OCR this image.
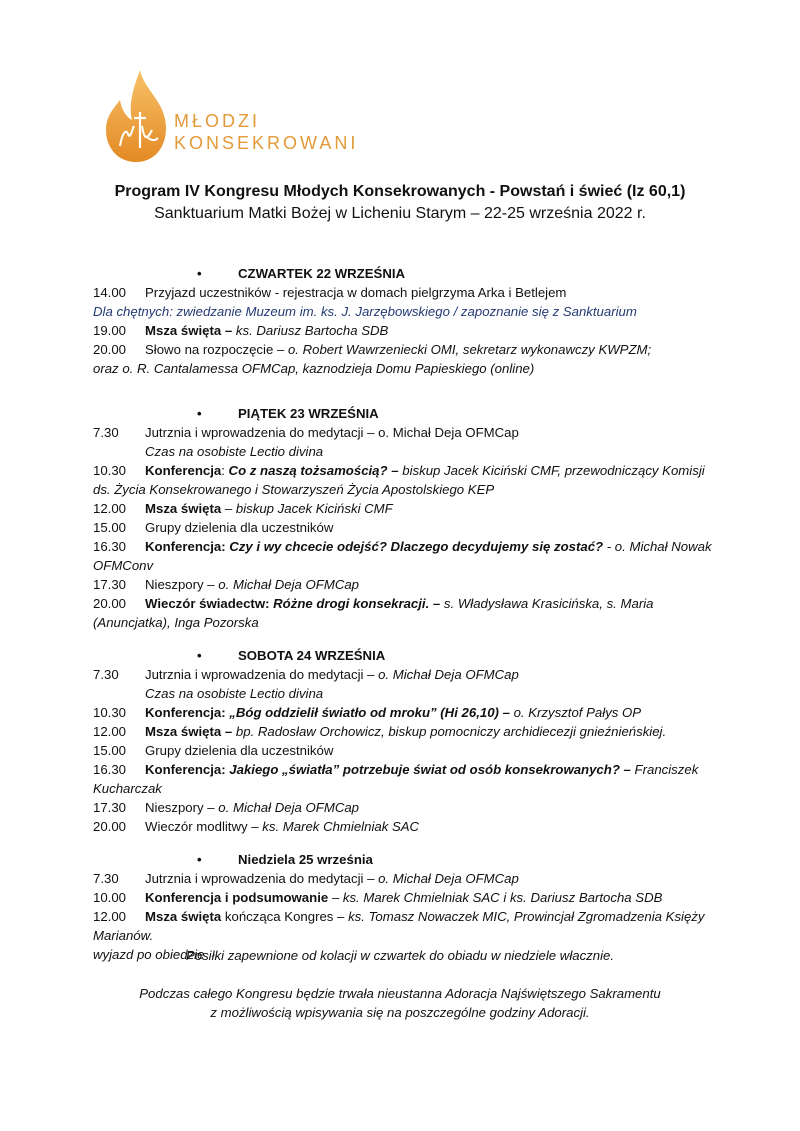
MŁODZI
KONSEKROWANI
Program IV Kongresu Młodych Konsekrowanych - Powstań i świeć (Iz 60,1)
Sanktuarium Matki Bożej w Licheniu Starym – 22-25 września 2022 r.
• CZWARTEK 22 WRZEŚNIA
14.00	Przyjazd uczestników - rejestracja w domach pielgrzyma Arka i Betlejem
Dla chętnych: zwiedzanie Muzeum im. ks. J. Jarzębowskiego / zapoznanie się z Sanktuarium
19.00	Msza święta – ks. Dariusz Bartocha SDB
20.00	Słowo na rozpoczęcie – o. Robert Wawrzeniecki OMI, sekretarz wykonawczy KWPZM;
oraz o. R. Cantalamessa OFMCap, kaznodzieja Domu Papieskiego (online)
• PIĄTEK 23 WRZEŚNIA
7.30	Jutrznia i wprowadzenia do medytacji – o. Michał Deja OFMCap
Czas na osobiste Lectio divina
10.30	Konferencja: Co z naszą tożsamością? – biskup Jacek Kiciński CMF, przewodniczący Komisji
ds. Życia Konsekrowanego i Stowarzyszeń Życia Apostolskiego KEP
12.00	Msza święta – biskup Jacek Kiciński CMF
15.00	Grupy dzielenia dla uczestników
16.30	Konferencja: Czy i wy chcecie odejść? Dlaczego decydujemy się zostać? - o. Michał Nowak
OFMConv
17.30	Nieszpory – o. Michał Deja OFMCap
20.00	Wieczór świadectw: Różne drogi konsekracji. – s. Władysława Krasicińska, s. Maria
(Anuncjatka), Inga Pozorska
• SOBOTA 24 WRZEŚNIA
7.30	Jutrznia i wprowadzenia do medytacji – o. Michał Deja OFMCap
Czas na osobiste Lectio divina
10.30	Konferencja: „Bóg oddzielił światło od mroku” (Hi 26,10) – o. Krzysztof Pałys OP
12.00	Msza święta – bp. Radosław Orchowicz, biskup pomocniczy archidiecezji gnieźnieńskiej.
15.00	Grupy dzielenia dla uczestników
16.30	Konferencja: Jakiego „światła” potrzebuje świat od osób konsekrowanych? – Franciszek
Kucharczak
17.30	Nieszpory – o. Michał Deja OFMCap
20.00	Wieczór modlitwy – ks. Marek Chmielniak SAC
• Niedziela 25 września
7.30	Jutrznia i wprowadzenia do medytacji – o. Michał Deja OFMCap
10.00	Konferencja i podsumowanie – ks. Marek Chmielniak SAC i ks. Dariusz Bartocha SDB
12.00	Msza święta kończąca Kongres – ks. Tomasz Nowaczek MIC, Prowincjał Zgromadzenia Księży
Marianów.
wyjazd po obiedzie
Posiłki zapewnione od kolacji w czwartek do obiadu w niedziele włacznie.
Podczas całego Kongresu będzie trwała nieustanna Adoracja Najświętszego Sakramentu
z możliwością wpisywania się na poszczególne godziny Adoracji.
